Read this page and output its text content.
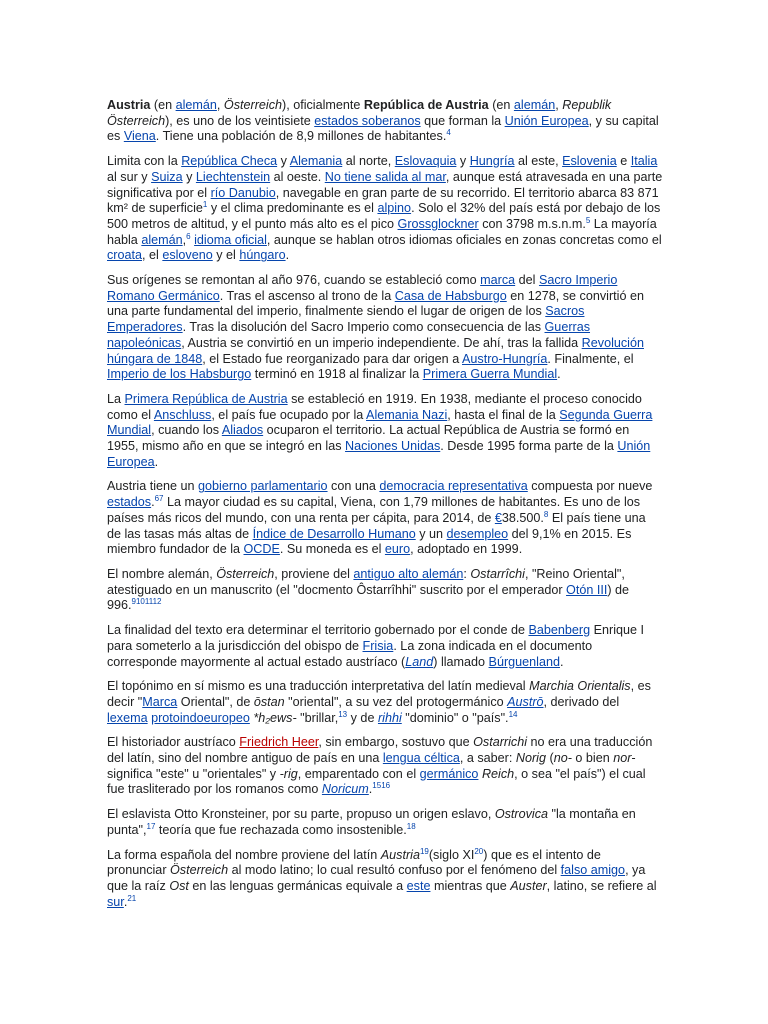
Austria (en alemán, Österreich), oficialmente República de Austria (en alemán, Republik Österreich), es uno de los veintisiete estados soberanos que forman la Unión Europea, y su capital es Viena. Tiene una población de 8,9 millones de habitantes.$^4$

Limita con la República Checa y Alemania al norte, Eslovaquia y Hungría al este, Eslovenia e Italia al sur y Suiza y Liechtenstein al oeste. No tiene salida al mar, aunque está atravesada en una parte significativa por el río Danubio, navegable en gran parte de su recorrido. El territorio abarca 83 871 km² de superficie$^1$ y el clima predominante es el alpino. Solo el 32% del país está por debajo de los 500 metros de altitud, y el punto más alto es el pico Grossglockner con 3798 m.s.n.m.$^5$ La mayoría habla alemán,$^6$ idioma oficial, aunque se hablan otros idiomas oficiales en zonas concretas como el croata, el esloveno y el húngaro.

Sus orígenes se remontan al año 976, cuando se estableció como marca del Sacro Imperio Romano Germánico. Tras el ascenso al trono de la Casa de Habsburgo en 1278, se convirtió en una parte fundamental del imperio, finalmente siendo el lugar de origen de los Sacros Emperadores. Tras la disolución del Sacro Imperio como consecuencia de las Guerras napoleónicas, Austria se convirtió en un imperio independiente. De ahí, tras la fallida Revolución húngara de 1848, el Estado fue reorganizado para dar origen a Austro-Hungría. Finalmente, el Imperio de los Habsburgo terminó en 1918 al finalizar la Primera Guerra Mundial.

La Primera República de Austria se estableció en 1919. En 1938, mediante el proceso conocido como el Anschluss, el país fue ocupado por la Alemania Nazi, hasta el final de la Segunda Guerra Mundial, cuando los Aliados ocuparon el territorio. La actual República de Austria se formó en 1955, mismo año en que se integró en las Naciones Unidas. Desde 1995 forma parte de la Unión Europea.

Austria tiene un gobierno parlamentario con una democracia representativa compuesta por nueve estados.$^{67}$ La mayor ciudad es su capital, Viena, con 1,79 millones de habitantes. Es uno de los países más ricos del mundo, con una renta per cápita, para 2014, de €38.500.$^8$ El país tiene una de las tasas más altas de Índice de Desarrollo Humano y un desempleo del 9,1% en 2015. Es miembro fundador de la OCDE. Su moneda es el euro, adoptado en 1999.

El nombre alemán, Österreich, proviene del antiguo alto alemán: Ostarrîchi, "Reino Oriental", atestiguado en un manuscrito (el "docmento Ôstarrîhhi" suscrito por el emperador Otón III) de 996.$^{9101112}$

La finalidad del texto era determinar el territorio gobernado por el conde de Babenberg Enrique I para someterlo a la jurisdicción del obispo de Frisia. La zona indicada en el documento corresponde mayormente al actual estado austríaco (Land) llamado Búrguenland.

El topónimo en sí mismo es una traducción interpretativa del latín medieval Marchia Orientalis, es decir "Marca Oriental", de ōstan "oriental", a su vez del protogermánico Austrō, derivado del lexema protoindoeuropeo *h₂ews- "brillar,$^{13}$ y de rihhi "dominio" o "país".$^{14}$

El historiador austríaco Friedrich Heer, sin embargo, sostuvo que Ostarrichi no era una traducción del latín, sino del nombre antiguo de país en una lengua céltica, a saber: Norig (no- o bien nor- significa "este" u "orientales" y -rig, emparentado con el germánico Reich, o sea "el país") el cual fue trasliterado por los romanos como Noricum.$^{1516}$

El eslavista Otto Kronsteiner, por su parte, propuso un origen eslavo, Ostrovica "la montaña en punta",$^{17}$ teoría que fue rechazada como insostenible.$^{18}$

La forma española del nombre proviene del latín Austria$^{19}$(siglo XI$^{20}$) que es el intento de pronunciar Österreich al modo latino; lo cual resultó confuso por el fenómeno del falso amigo, ya que la raíz Ost en las lenguas germánicas equivale a este mientras que Auster, latino, se refiere al sur.$^{21}$
